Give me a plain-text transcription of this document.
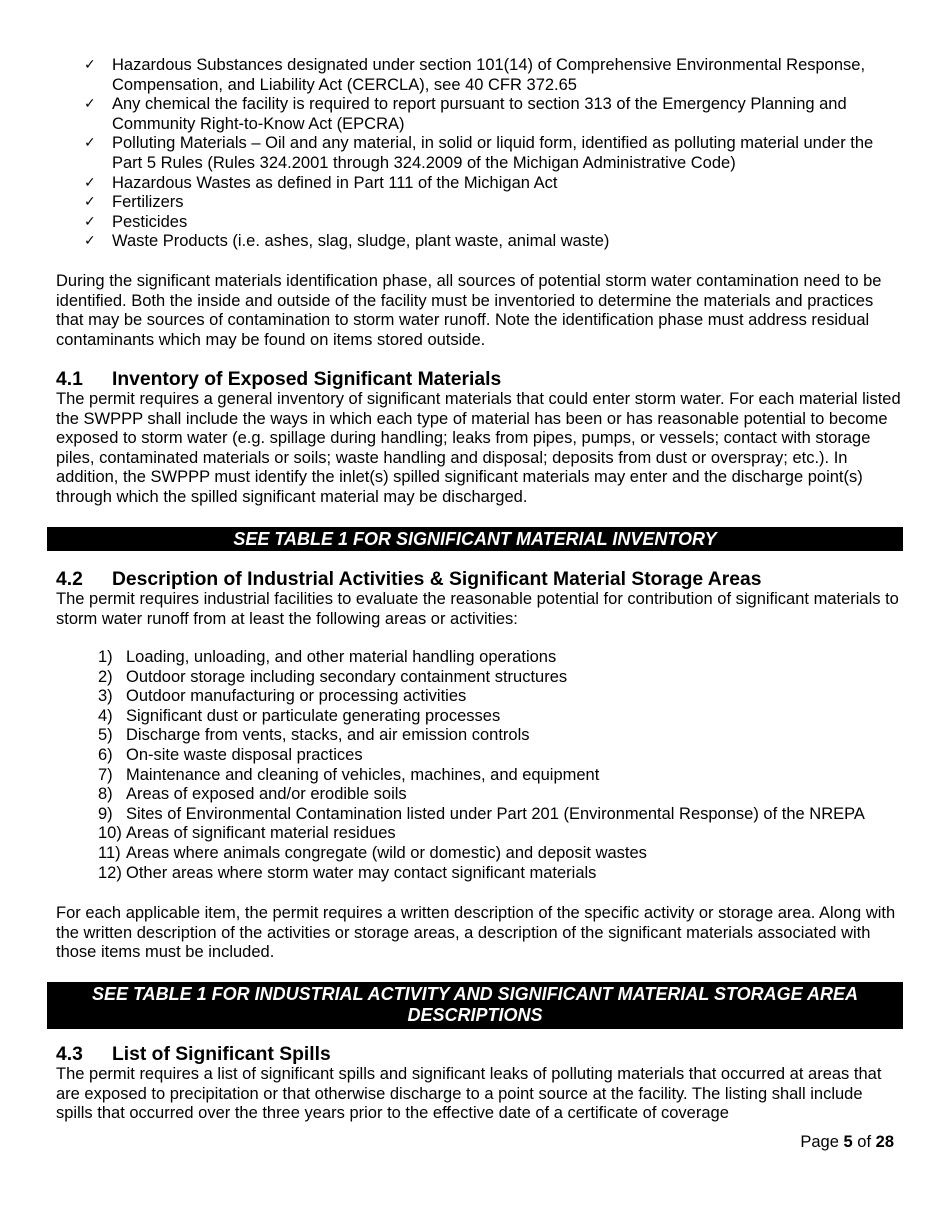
✓ Hazardous Substances designated under section 101(14) of Comprehensive Environmental Response, Compensation, and Liability Act (CERCLA), see 40 CFR 372.65
✓ Any chemical the facility is required to report pursuant to section 313 of the Emergency Planning and Community Right-to-Know Act (EPCRA)
✓ Polluting Materials – Oil and any material, in solid or liquid form, identified as polluting material under the Part 5 Rules (Rules 324.2001 through 324.2009 of the Michigan Administrative Code)
✓ Hazardous Wastes as defined in Part 111 of the Michigan Act
✓ Fertilizers
✓ Pesticides
✓ Waste Products (i.e. ashes, slag, sludge, plant waste, animal waste)

During the significant materials identification phase, all sources of potential storm water contamination need to be identified. Both the inside and outside of the facility must be inventoried to determine the materials and practices that may be sources of contamination to storm water runoff. Note the identification phase must address residual contaminants which may be found on items stored outside.

4.1 Inventory of Exposed Significant Materials

The permit requires a general inventory of significant materials that could enter storm water. For each material listed the SWPPP shall include the ways in which each type of material has been or has reasonable potential to become exposed to storm water (e.g. spillage during handling; leaks from pipes, pumps, or vessels; contact with storage piles, contaminated materials or soils; waste handling and disposal; deposits from dust or overspray; etc.). In addition, the SWPPP must identify the inlet(s) spilled significant materials may enter and the discharge point(s) through which the spilled significant material may be discharged.

SEE TABLE 1 FOR SIGNIFICANT MATERIAL INVENTORY
4.2 Description of Industrial Activities & Significant Material Storage Areas

The permit requires industrial facilities to evaluate the reasonable potential for contribution of significant materials to storm water runoff from at least the following areas or activities:

1) Loading, unloading, and other material handling operations
2) Outdoor storage including secondary containment structures
3) Outdoor manufacturing or processing activities
4) Significant dust or particulate generating processes
5) Discharge from vents, stacks, and air emission controls
6) On-site waste disposal practices
7) Maintenance and cleaning of vehicles, machines, and equipment
8) Areas of exposed and/or erodible soils
9) Sites of Environmental Contamination listed under Part 201 (Environmental Response) of the NREPA
10) Areas of significant material residues
11) Areas where animals congregate (wild or domestic) and deposit wastes
12) Other areas where storm water may contact significant materials

For each applicable item, the permit requires a written description of the specific activity or storage area. Along with the written description of the activities or storage areas, a description of the significant materials associated with those items must be included.

SEE TABLE 1 FOR INDUSTRIAL ACTIVITY AND SIGNIFICANT MATERIAL STORAGE AREA
DESCRIPTIONS
4.3 List of Significant Spills

The permit requires a list of significant spills and significant leaks of polluting materials that occurred at areas that are exposed to precipitation or that otherwise discharge to a point source at the facility. The listing shall include spills that occurred over the three years prior to the effective date of a certificate of coverage

Page 5 of 28
